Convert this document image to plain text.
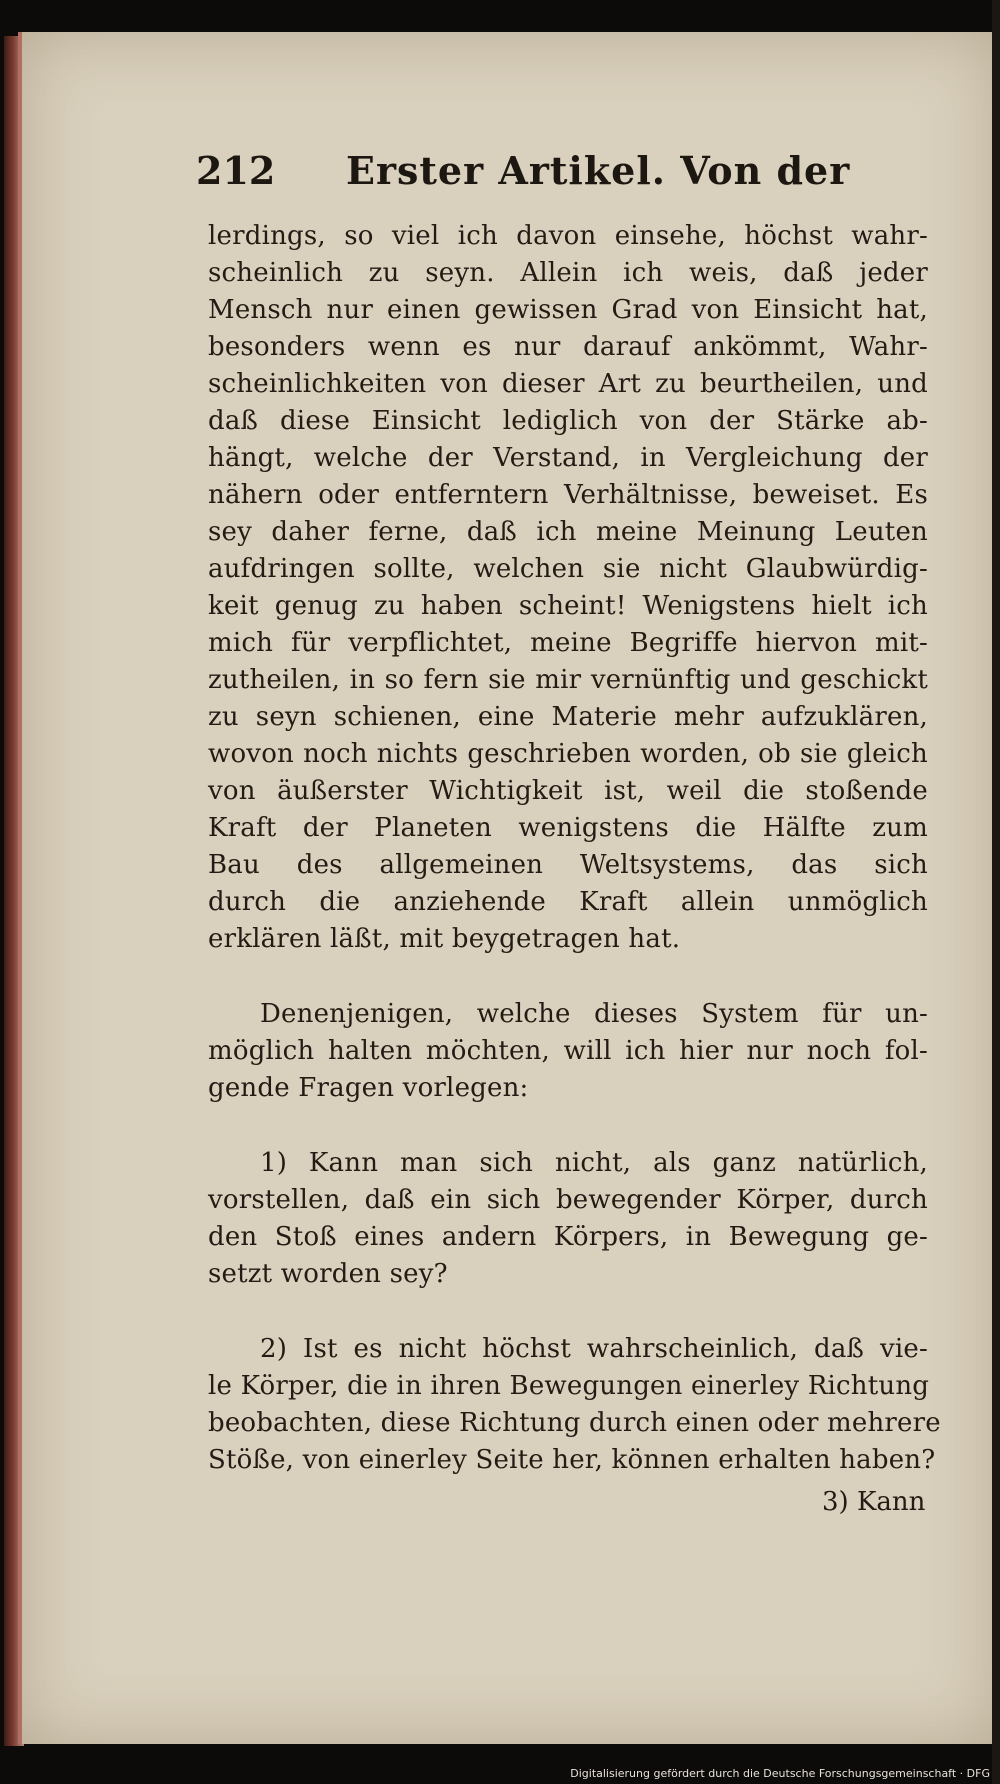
212 Erster Artikel. Von der
lerdings, so viel ich davon einsehe, höchst wahr-
scheinlich zu seyn. Allein ich weis, daß jeder
Mensch nur einen gewissen Grad von Einsicht hat,
besonders wenn es nur darauf ankömmt, Wahr-
scheinlichkeiten von dieser Art zu beurtheilen, und
daß diese Einsicht lediglich von der Stärke ab-
hängt, welche der Verstand, in Vergleichung der
nähern oder entferntern Verhältnisse, beweiset. Es
sey daher ferne, daß ich meine Meinung Leuten
aufdringen sollte, welchen sie nicht Glaubwürdig-
keit genug zu haben scheint! Wenigstens hielt ich
mich für verpflichtet, meine Begriffe hiervon mit-
zutheilen, in so fern sie mir vernünftig und geschickt
zu seyn schienen, eine Materie mehr aufzuklären,
wovon noch nichts geschrieben worden, ob sie gleich
von äußerster Wichtigkeit ist, weil die stoßende
Kraft der Planeten wenigstens die Hälfte zum
Bau des allgemeinen Weltsystems, das sich
durch die anziehende Kraft allein unmöglich
erklären läßt, mit beygetragen hat.
Denenjenigen, welche dieses System für un-
möglich halten möchten, will ich hier nur noch fol-
gende Fragen vorlegen:
1) Kann man sich nicht, als ganz natürlich,
vorstellen, daß ein sich bewegender Körper, durch
den Stoß eines andern Körpers, in Bewegung ge-
setzt worden sey?
2) Ist es nicht höchst wahrscheinlich, daß vie-
le Körper, die in ihren Bewegungen einerley Richtung
beobachten, diese Richtung durch einen oder mehrere
Stöße, von einerley Seite her, können erhalten haben?
3) Kann
Digitalisierung gefördert durch die Deutsche Forschungsgemeinschaft · DFG
